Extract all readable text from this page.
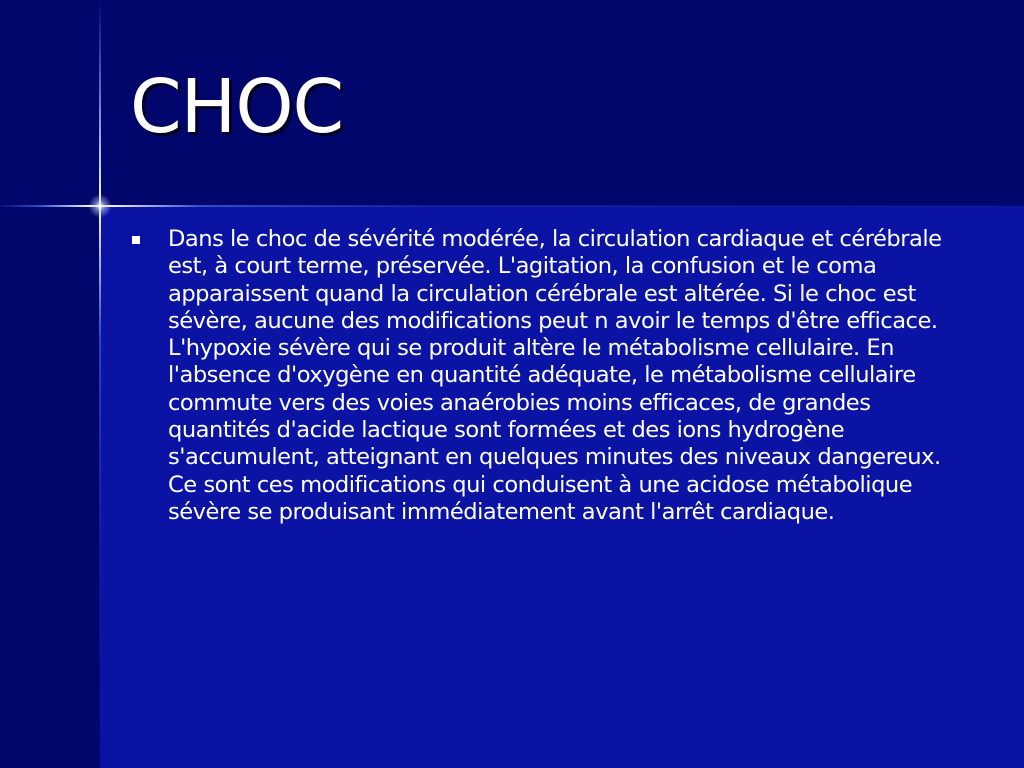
CHOC
Dans le choc de sévérité modérée, la circulation cardiaque et cérébrale est, à court terme, préservée. L'agitation, la confusion et le coma apparaissent quand la circulation cérébrale est altérée. Si le choc est sévère, aucune des modifications peut n avoir le temps d'être efficace. L'hypoxie sévère qui se produit altère le métabolisme cellulaire. En l'absence d'oxygène en quantité adéquate, le métabolisme cellulaire commute vers des voies anaérobies moins efficaces, de grandes quantités d'acide lactique sont formées et des ions hydrogène s'accumulent, atteignant en quelques minutes des niveaux dangereux. Ce sont ces modifications qui conduisent à une acidose métabolique sévère se produisant immédiatement avant l'arrêt cardiaque.
